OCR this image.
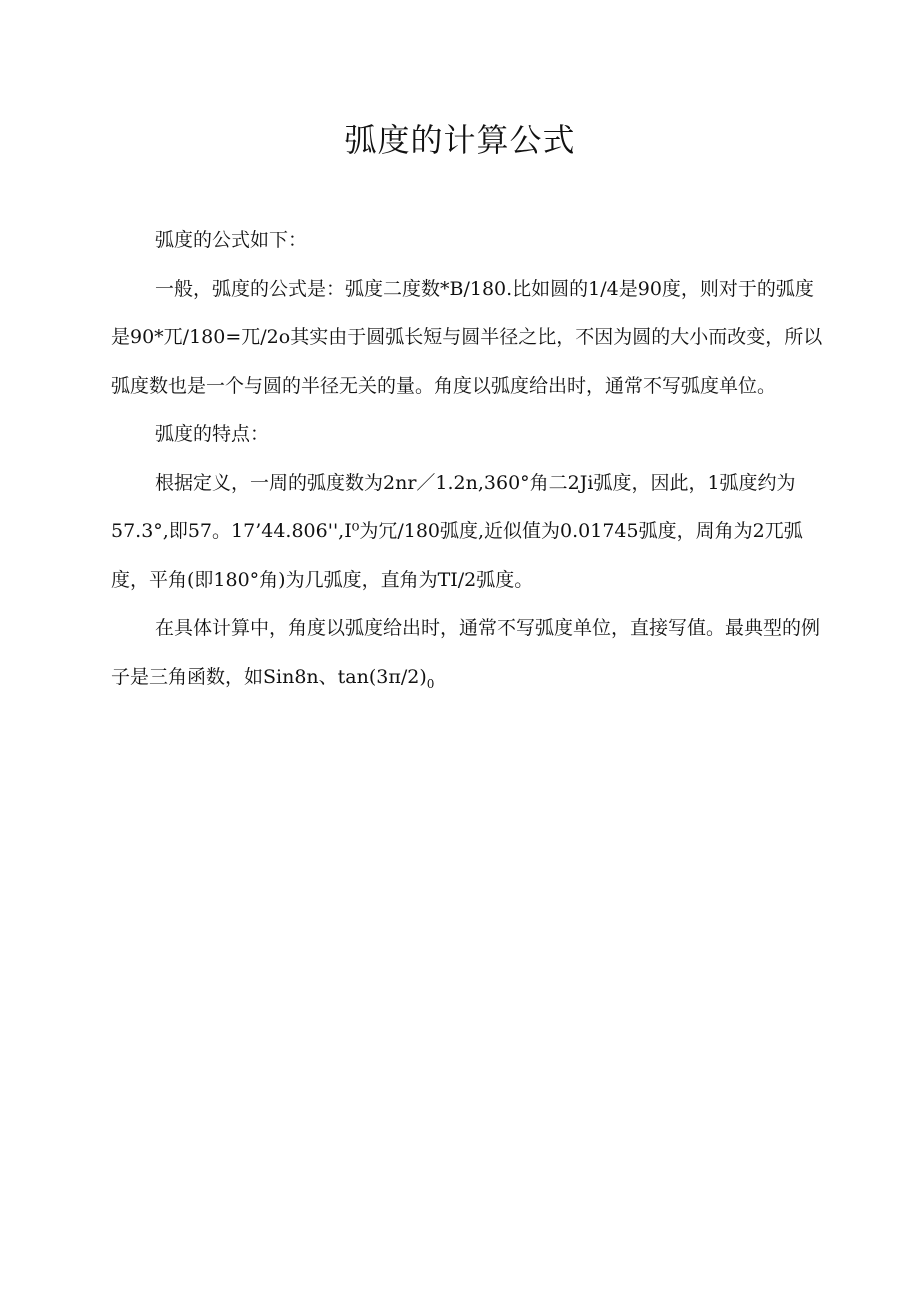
弧度的计算公式

弧度的公式如下：

一般，弧度的公式是：弧度二度数*B/180.比如圆的1/4是90度，则对于的弧度是90*兀/180=兀/2o其实由于圆弧长短与圆半径之比，不因为圆的大小而改变，所以弧度数也是一个与圆的半径无关的量。角度以弧度给出时，通常不写弧度单位。

弧度的特点：

根据定义，一周的弧度数为2nr／1.2n,360°角二2Ji弧度，因此，1弧度约为57.3°,即57。17’44.806'',I⁰为冗/180弧度,近似值为0.01745弧度，周角为2兀弧度，平角(即180°角)为几弧度，直角为TI/2弧度。

在具体计算中，角度以弧度给出时，通常不写弧度单位，直接写值。最典型的例子是三角函数，如Sin8n、$\tan(3\pi/2)_0$
